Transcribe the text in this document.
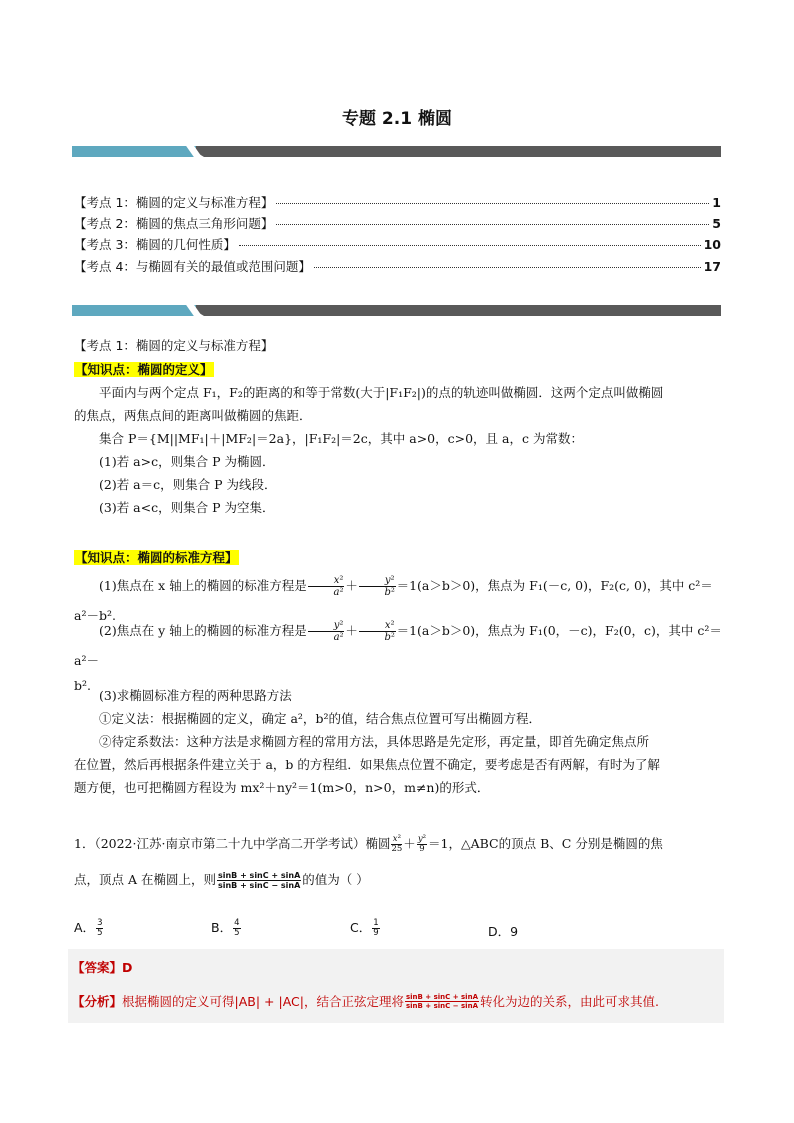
专题 2.1 椭圆
【考点 1：椭圆的定义与标准方程】	1
【考点 2：椭圆的焦点三角形问题】	5
【考点 3：椭圆的几何性质】	10
【考点 4：与椭圆有关的最值或范围问题】	17
【考点 1：椭圆的定义与标准方程】
【知识点：椭圆的定义】
平面内与两个定点 F₁，F₂的距离的和等于常数(大于|F₁F₂|)的点的轨迹叫做椭圆．这两个定点叫做椭圆
的焦点，两焦点间的距离叫做椭圆的焦距．
集合 P＝{M||MF₁|＋|MF₂|＝2a}，|F₁F₂|＝2c，其中 a>0，c>0，且 a，c 为常数：
(1)若 a>c，则集合 P 为椭圆．
(2)若 a＝c，则集合 P 为线段．
(3)若 a<c，则集合 P 为空集．
【知识点：椭圆的标准方程】
(1)焦点在 x 轴上的椭圆的标准方程是 $\frac{\text{x²}}{\text{a²}} + \frac{\text{y²}}{\text{b²}} =1(a>b>0)$，焦点为 F₁(－c, 0)，F₂(c, 0)，其中 c²＝a²－b².
(2)焦点在 y 轴上的椭圆的标准方程是 $\frac{\text{y²}}{\text{a²}} + \frac{\text{x²}}{\text{b²}} =1(a>b>0)$，焦点为 F₁(0，－c)，F₂(0，c)，其中 c²＝a²－
b².
(3)求椭圆标准方程的两种思路方法
①定义法：根据椭圆的定义，确定 a²，b²的值，结合焦点位置可写出椭圆方程．
②待定系数法：这种方法是求椭圆方程的常用方法，具体思路是先定形，再定量，即首先确定焦点所
在位置，然后再根据条件建立关于 a，b 的方程组．如果焦点位置不确定，要考虑是否有两解，有时为了解
题方便，也可把椭圆方程设为 mx²＋ny²＝1(m>0，n>0，m≠n)的形式．
1．（2022·江苏·南京市第二十九中学高二开学考试）椭圆 $\frac{\text{x²}}{25} + \frac{\text{y²}}{9} =1$，△ABC的顶点 B、C 分别是椭圆的焦
点，顶点 A 在椭圆上，则 $\frac{\sin B + \sin C + \sin A}{\sin B + \sin C - \sin A}$ 的值为（ ）
A． $\frac{3}{5}$	B． $\frac{4}{5}$	C． $\frac{1}{9}$	D．9
【答案】D
【分析】根据椭圆的定义可得|AB| + |AC|，结合正弦定理将 $\frac{\sin B + \sin C + \sin A}{\sin B + \sin C - \sin A}$ 转化为边的关系，由此可求其值.
